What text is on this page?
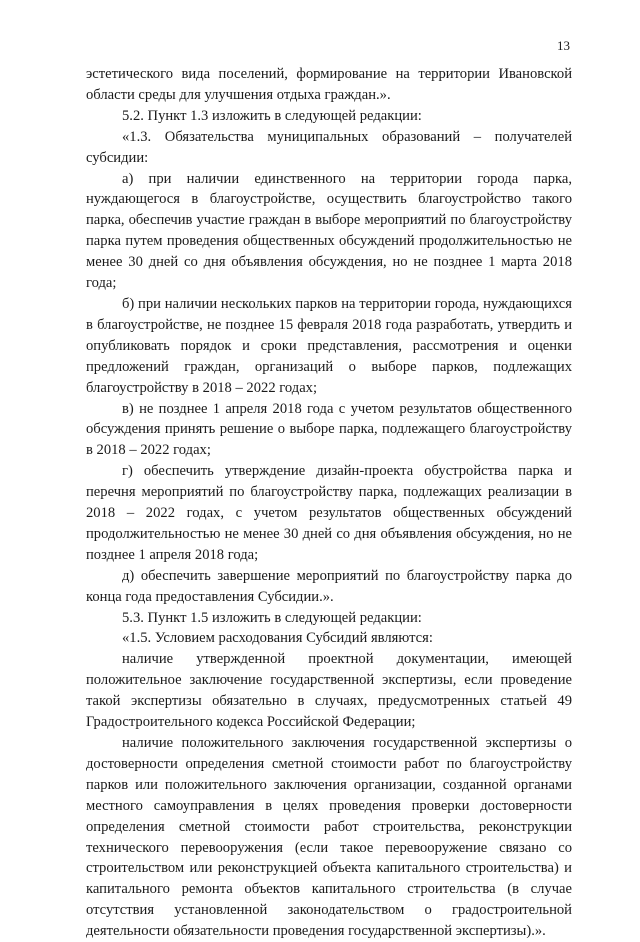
13

эстетического вида поселений, формирование на территории Ивановской области среды для улучшения отдыха граждан.».

5.2. Пункт 1.3 изложить в следующей редакции:

«1.3. Обязательства муниципальных образований – получателей субсидии:

а) при наличии единственного на территории города парка, нуждающегося в благоустройстве, осуществить благоустройство такого парка, обеспечив участие граждан в выборе мероприятий по благоустройству парка путем проведения общественных обсуждений продолжительностью не менее 30 дней со дня объявления обсуждения, но не позднее 1 марта 2018 года;

б) при наличии нескольких парков на территории города, нуждающихся в благоустройстве, не позднее 15 февраля 2018 года разработать, утвердить и опубликовать порядок и сроки представления, рассмотрения и оценки предложений граждан, организаций о выборе парков, подлежащих благоустройству в 2018 – 2022 годах;

в) не позднее 1 апреля 2018 года с учетом результатов общественного обсуждения принять решение о выборе парка, подлежащего благоустройству в 2018 – 2022 годах;

г) обеспечить утверждение дизайн-проекта обустройства парка и перечня мероприятий по благоустройству парка, подлежащих реализации в 2018 – 2022 годах, с учетом результатов общественных обсуждений продолжительностью не менее 30 дней со дня объявления обсуждения, но не позднее 1 апреля 2018 года;

д) обеспечить завершение мероприятий по благоустройству парка до конца года предоставления Субсидии.».

5.3. Пункт 1.5 изложить в следующей редакции:

«1.5. Условием расходования Субсидий являются:

наличие утвержденной проектной документации, имеющей положительное заключение государственной экспертизы, если проведение такой экспертизы обязательно в случаях, предусмотренных статьей 49 Градостроительного кодекса Российской Федерации;

наличие положительного заключения государственной экспертизы о достоверности определения сметной стоимости работ по благоустройству парков или положительного заключения организации, созданной органами местного самоуправления в целях проведения проверки достоверности определения сметной стоимости работ строительства, реконструкции технического перевооружения (если такое перевооружение связано со строительством или реконструкцией объекта капитального строительства) и капитального ремонта объектов капитального строительства (в случае отсутствия установленной законодательством о градостроительной деятельности обязательности проведения государственной экспертизы).».
